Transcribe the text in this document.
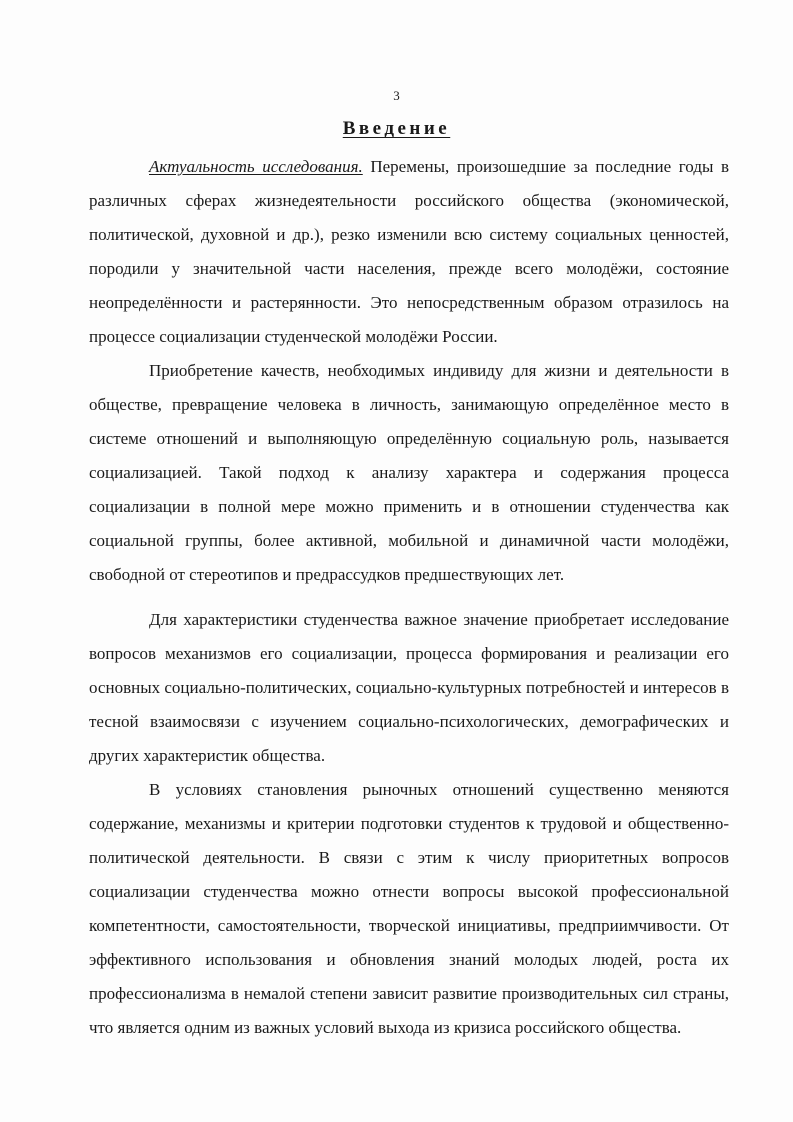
3
Введение

Актуальность исследования. Перемены, произошедшие за последние годы в различных сферах жизнедеятельности российского общества (экономической, политической, духовной и др.), резко изменили всю систему социальных ценностей, породили у значительной части населения, прежде всего молодёжи, состояние неопределённости и растерянности. Это непосредственным образом отразилось на процессе социализации студенческой молодёжи России.

Приобретение качеств, необходимых индивиду для жизни и деятельности в обществе, превращение человека в личность, занимающую определённое место в системе отношений и выполняющую определённую социальную роль, называется социализацией. Такой подход к анализу характера и содержания процесса социализации в полной мере можно применить и в отношении студенчества как социальной группы, более активной, мобильной и динамичной части молодёжи, свободной от стереотипов и предрассудков предшествующих лет.

Для характеристики студенчества важное значение приобретает исследование вопросов механизмов его социализации, процесса формирования и реализации его основных социально-политических, социально-культурных потребностей и интересов в тесной взаимосвязи с изучением социально-психологических, демографических и других характеристик общества.

В условиях становления рыночных отношений существенно меняются содержание, механизмы и критерии подготовки студентов к трудовой и общественно-политической деятельности. В связи с этим к числу приоритетных вопросов социализации студенчества можно отнести вопросы высокой профессиональной компетентности, самостоятельности, творческой инициативы, предприимчивости. От эффективного использования и обновления знаний молодых людей, роста их профессионализма в немалой степени зависит развитие производительных сил страны, что является одним из важных условий выхода из кризиса российского общества.
